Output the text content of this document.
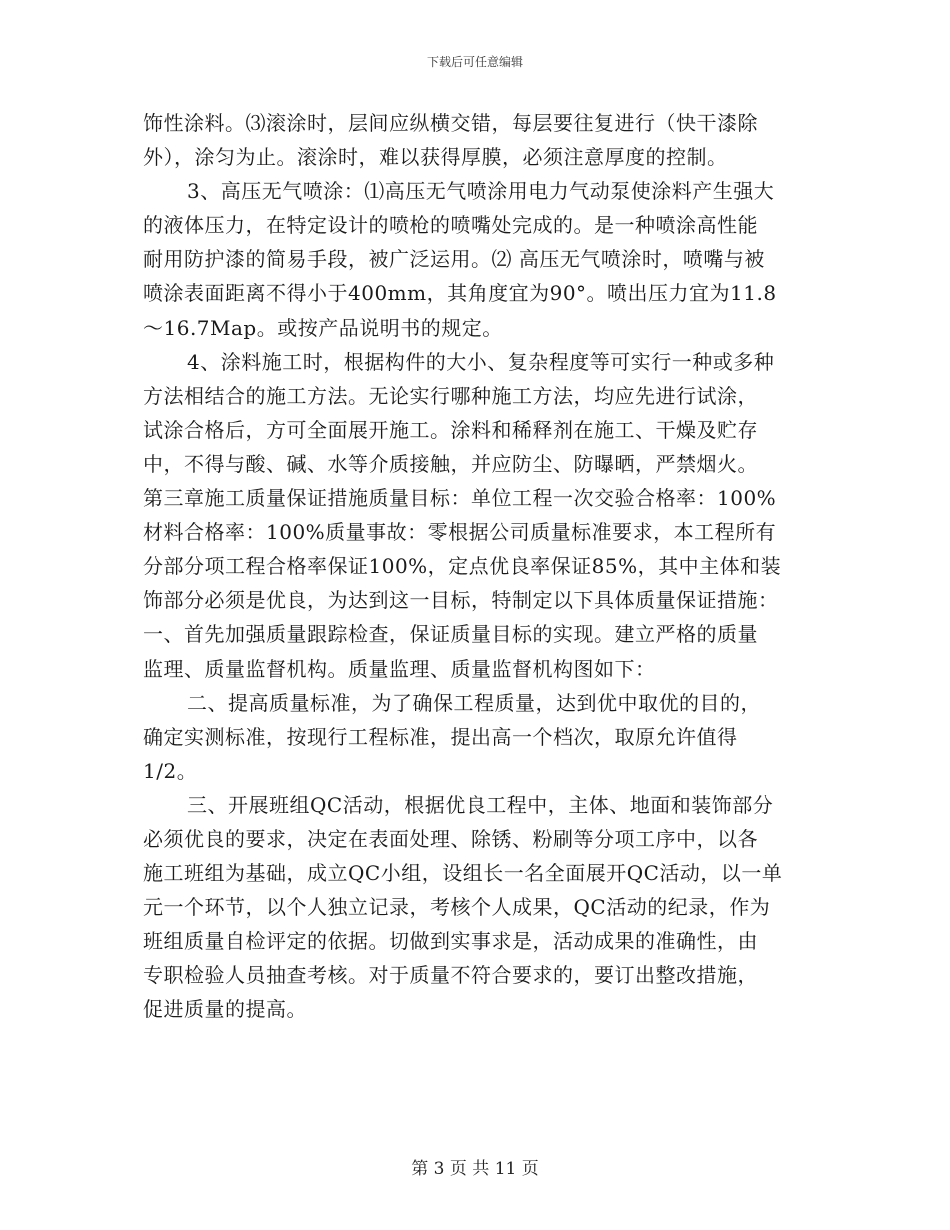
下载后可任意编辑
饰性涂料。⑶滚涂时，层间应纵横交错，每层要往复进行（快干漆除
外），涂匀为止。滚涂时，难以获得厚膜，必须注意厚度的控制。
3、高压无气喷涂：⑴高压无气喷涂用电力气动泵使涂料产生强大
的液体压力，在特定设计的喷枪的喷嘴处完成的。是一种喷涂高性能
耐用防护漆的简易手段，被广泛运用。⑵ 高压无气喷涂时，喷嘴与被
喷涂表面距离不得小于400mm，其角度宜为90°。喷出压力宜为11.8
～16.7Map。或按产品说明书的规定。
4、涂料施工时，根据构件的大小、复杂程度等可实行一种或多种
方法相结合的施工方法。无论实行哪种施工方法，均应先进行试涂，
试涂合格后，方可全面展开施工。涂料和稀释剂在施工、干燥及贮存
中，不得与酸、碱、水等介质接触，并应防尘、防曝晒，严禁烟火。
第三章施工质量保证措施质量目标：单位工程一次交验合格率：100%
材料合格率：100%质量事故：零根据公司质量标准要求，本工程所有
分部分项工程合格率保证100%，定点优良率保证85%，其中主体和装
饰部分必须是优良，为达到这一目标，特制定以下具体质量保证措施：
一、首先加强质量跟踪检查，保证质量目标的实现。建立严格的质量
监理、质量监督机构。质量监理、质量监督机构图如下：
二、提高质量标准，为了确保工程质量，达到优中取优的目的，
确定实测标准，按现行工程标准，提出高一个档次，取原允许值得
1/2。
三、开展班组QC活动，根据优良工程中，主体、地面和装饰部分
必须优良的要求，决定在表面处理、除锈、粉刷等分项工序中，以各
施工班组为基础，成立QC小组，设组长一名全面展开QC活动，以一单
元一个环节，以个人独立记录，考核个人成果，QC活动的纪录，作为
班组质量自检评定的依据。切做到实事求是，活动成果的准确性，由
专职检验人员抽查考核。对于质量不符合要求的，要订出整改措施，
促进质量的提高。
第 3 页 共 11 页
